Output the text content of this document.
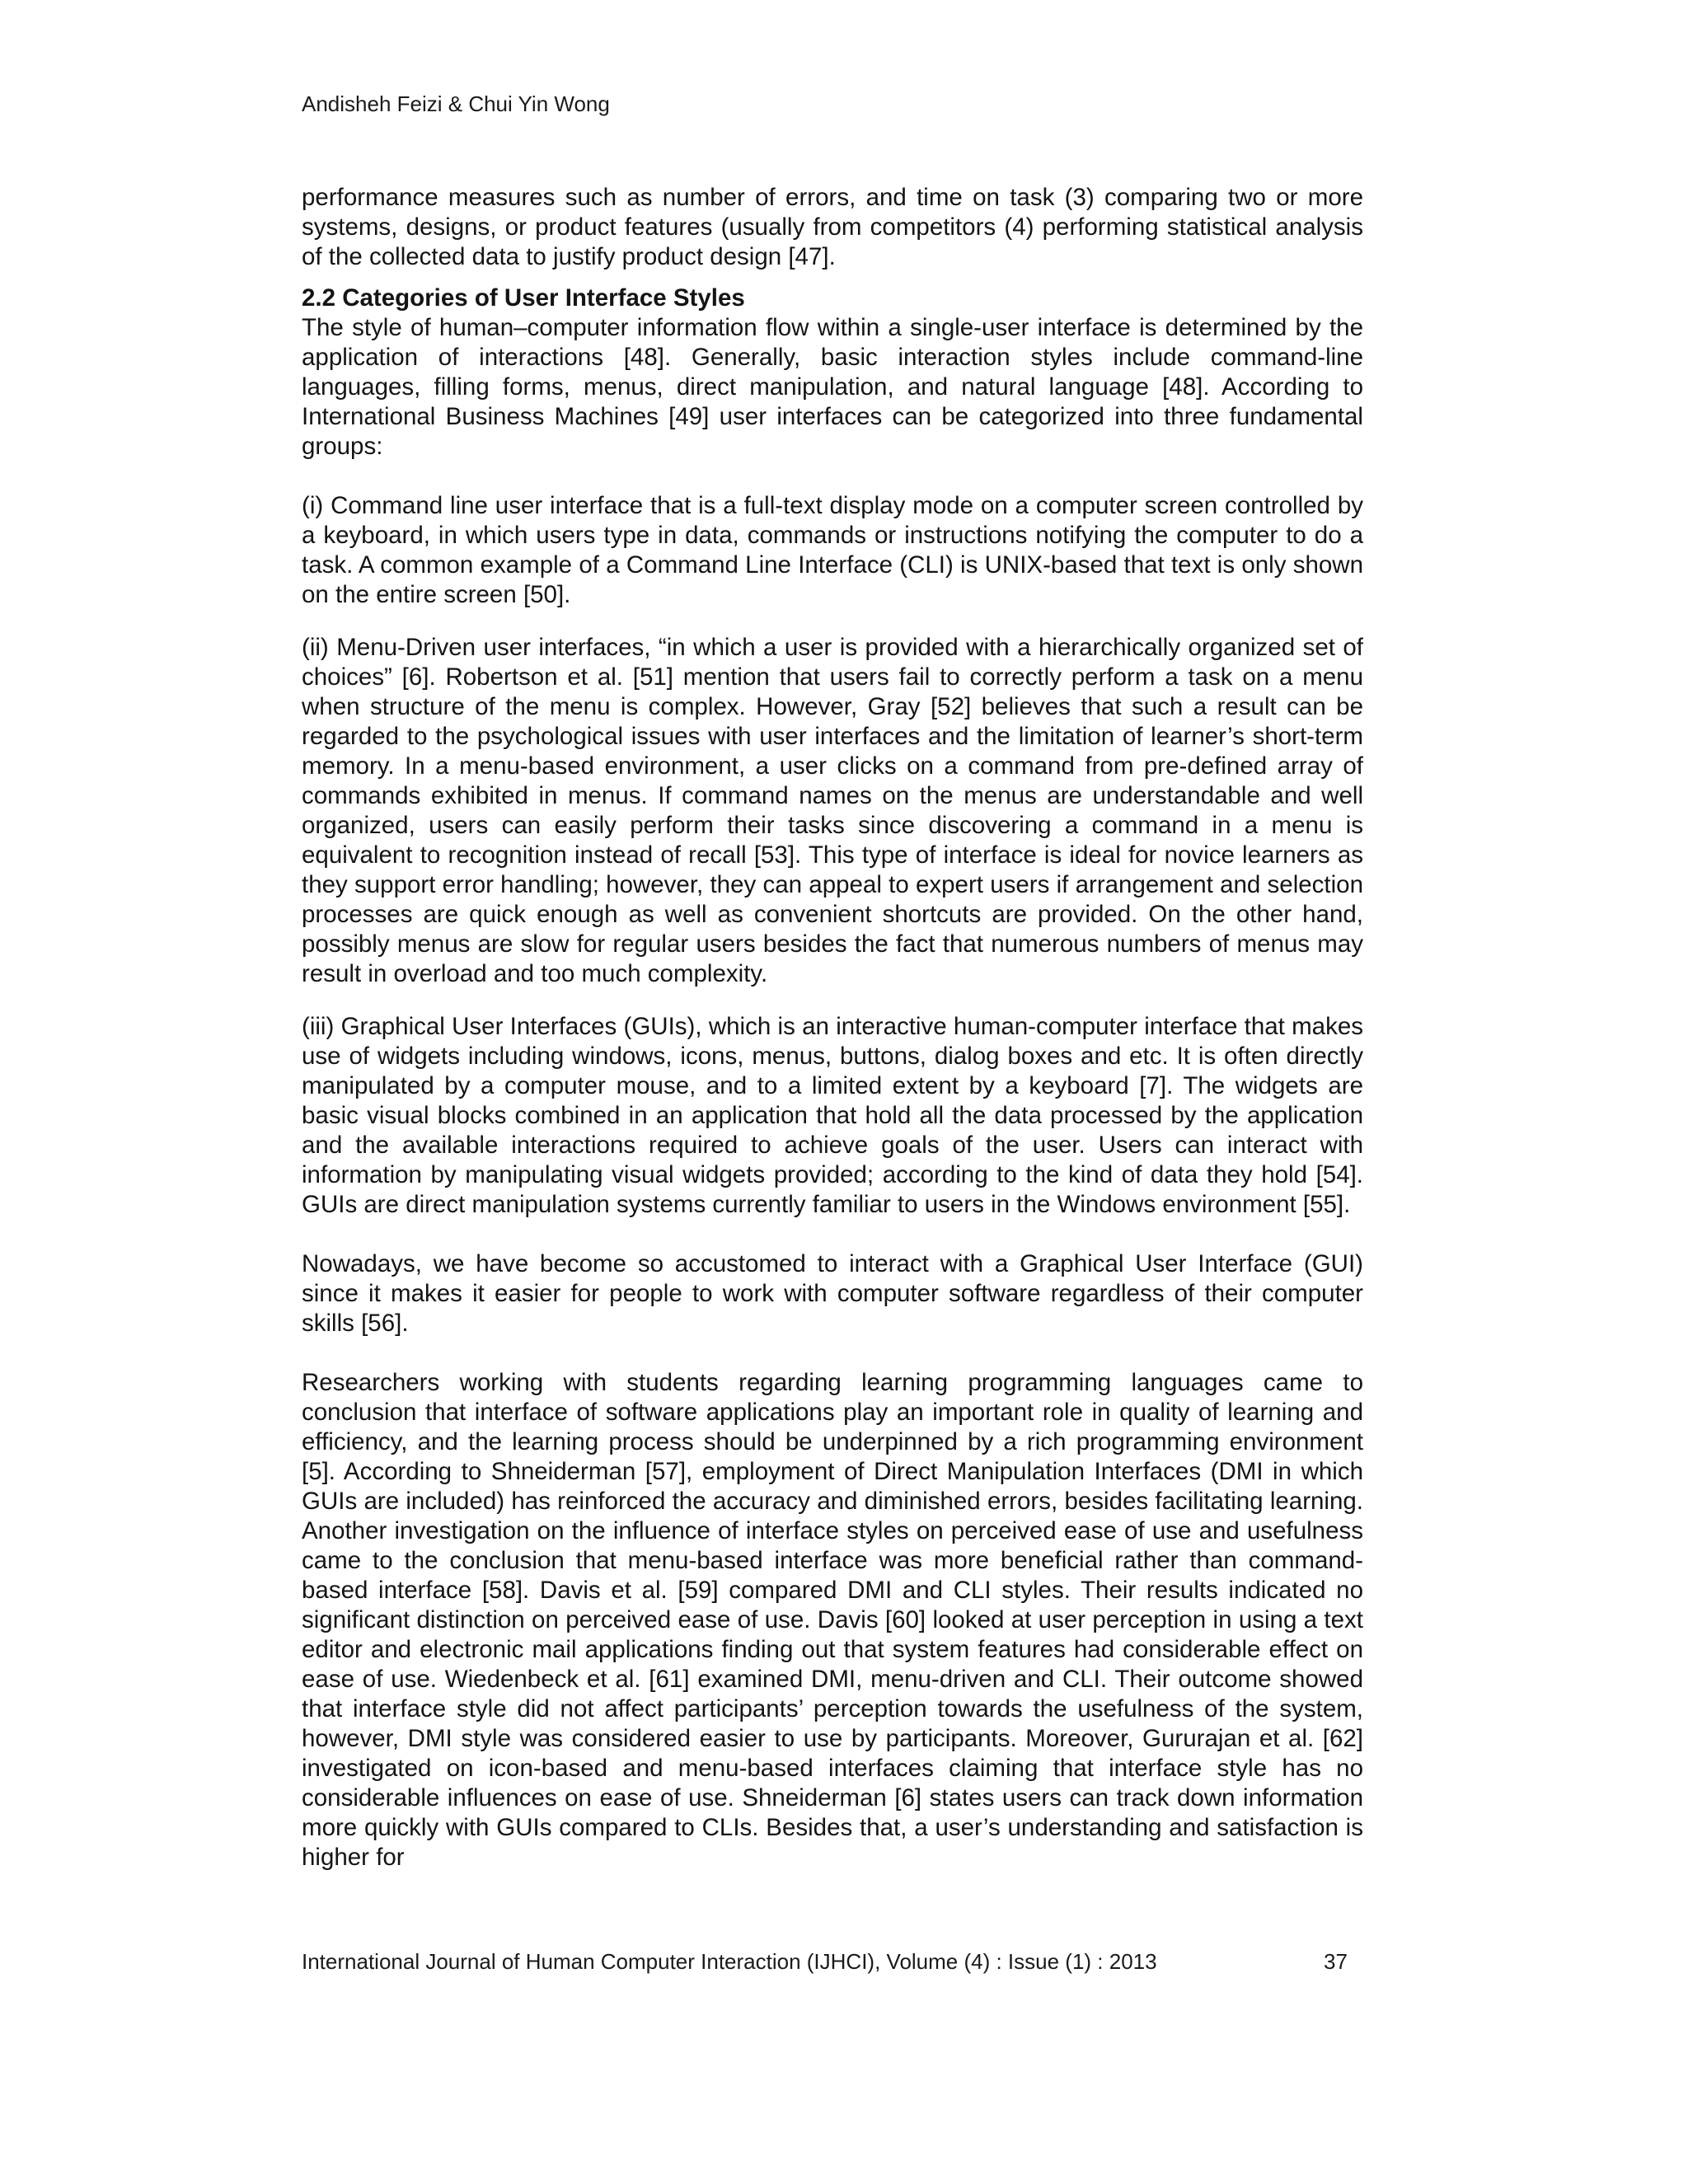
Andisheh Feizi & Chui Yin Wong

performance measures such as number of errors, and time on task (3) comparing two or more systems, designs, or product features (usually from competitors (4) performing statistical analysis of the collected data to justify product design [47].

2.2 Categories of User Interface Styles

The style of human–computer information flow within a single-user interface is determined by the application of interactions [48]. Generally, basic interaction styles include command-line languages, filling forms, menus, direct manipulation, and natural language [48]. According to International Business Machines [49] user interfaces can be categorized into three fundamental groups:

(i) Command line user interface that is a full-text display mode on a computer screen controlled by a keyboard, in which users type in data, commands or instructions notifying the computer to do a task. A common example of a Command Line Interface (CLI) is UNIX-based that text is only shown on the entire screen [50].

(ii) Menu-Driven user interfaces, “in which a user is provided with a hierarchically organized set of choices” [6]. Robertson et al. [51] mention that users fail to correctly perform a task on a menu when structure of the menu is complex. However, Gray [52] believes that such a result can be regarded to the psychological issues with user interfaces and the limitation of learner’s short-term memory. In a menu-based environment, a user clicks on a command from pre-defined array of commands exhibited in menus. If command names on the menus are understandable and well organized, users can easily perform their tasks since discovering a command in a menu is equivalent to recognition instead of recall [53]. This type of interface is ideal for novice learners as they support error handling; however, they can appeal to expert users if arrangement and selection processes are quick enough as well as convenient shortcuts are provided. On the other hand, possibly menus are slow for regular users besides the fact that numerous numbers of menus may result in overload and too much complexity.

(iii) Graphical User Interfaces (GUIs), which is an interactive human-computer interface that makes use of widgets including windows, icons, menus, buttons, dialog boxes and etc. It is often directly manipulated by a computer mouse, and to a limited extent by a keyboard [7]. The widgets are basic visual blocks combined in an application that hold all the data processed by the application and the available interactions required to achieve goals of the user. Users can interact with information by manipulating visual widgets provided; according to the kind of data they hold [54]. GUIs are direct manipulation systems currently familiar to users in the Windows environment [55].

Nowadays, we have become so accustomed to interact with a Graphical User Interface (GUI) since it makes it easier for people to work with computer software regardless of their computer skills [56].

Researchers working with students regarding learning programming languages came to conclusion that interface of software applications play an important role in quality of learning and efficiency, and the learning process should be underpinned by a rich programming environment [5]. According to Shneiderman [57], employment of Direct Manipulation Interfaces (DMI in which GUIs are included) has reinforced the accuracy and diminished errors, besides facilitating learning. Another investigation on the influence of interface styles on perceived ease of use and usefulness came to the conclusion that menu-based interface was more beneficial rather than command-based interface [58]. Davis et al. [59] compared DMI and CLI styles. Their results indicated no significant distinction on perceived ease of use. Davis [60] looked at user perception in using a text editor and electronic mail applications finding out that system features had considerable effect on ease of use. Wiedenbeck et al. [61] examined DMI, menu-driven and CLI. Their outcome showed that interface style did not affect participants’ perception towards the usefulness of the system, however, DMI style was considered easier to use by participants. Moreover, Gururajan et al. [62] investigated on icon-based and menu-based interfaces claiming that interface style has no considerable influences on ease of use. Shneiderman [6] states users can track down information more quickly with GUIs compared to CLIs. Besides that, a user’s understanding and satisfaction is higher for

International Journal of Human Computer Interaction (IJHCI), Volume (4) : Issue (1) : 2013	37
